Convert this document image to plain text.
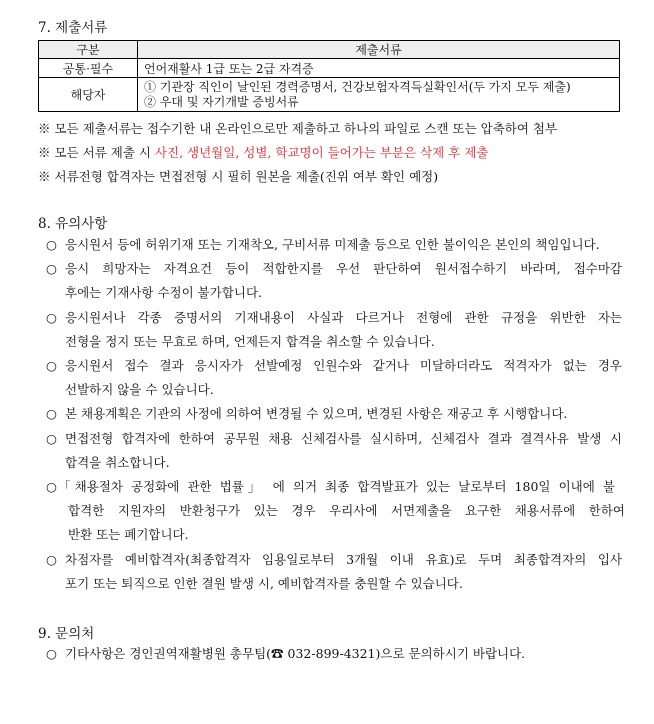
7. 제출서류
구분	제출서류
공통·필수	언어재활사 1급 또는 2급 자격증
해당자	① 기관장 직인이 날인된 경력증명서, 건강보험자격득실확인서(두 가지 모두 제출)
② 우대 및 자기개발 증빙서류
※ 모든 제출서류는 접수기한 내 온라인으로만 제출하고 하나의 파일로 스캔 또는 압축하여 첨부
※ 모든 서류 제출 시 사진, 생년월일, 성별, 학교명이 들어가는 부분은 삭제 후 제출
※ 서류전형 합격자는 면접전형 시 필히 원본을 제출(진위 여부 확인 예정)
8. 유의사항
○ 응시원서 등에 허위기재 또는 기재착오, 구비서류 미제출 등으로 인한 불이익은 본인의 책임입니다.
○ 응시 희망자는 자격요건 등이 적합한지를 우선 판단하여 원서접수하기 바라며, 접수마감
후에는 기재사항 수정이 불가합니다.
○ 응시원서나 각종 증명서의 기재내용이 사실과 다르거나 전형에 관한 규정을 위반한 자는
전형을 정지 또는 무효로 하며, 언제든지 합격을 취소할 수 있습니다.
○ 응시원서 접수 결과 응시자가 선발예정 인원수와 같거나 미달하더라도 적격자가 없는 경우
선발하지 않을 수 있습니다.
○ 본 채용계획은 기관의 사정에 의하여 변경될 수 있으며, 변경된 사항은 재공고 후 시행합니다.
○ 면접전형 합격자에 한하여 공무원 채용 신체검사를 실시하며, 신체검사 결과 결격사유 발생 시
합격을 취소합니다.
○ 「채용절차 공정화에 관한 법률」 에 의거 최종 합격발표가 있는 날로부터 180일 이내에 불
합격한 지원자의 반환청구가 있는 경우 우리사에 서면제출을 요구한 채용서류에 한하여
반환 또는 폐기합니다.
○ 차점자를 예비합격자(최종합격자 임용일로부터 3개월 이내 유효)로 두며 최종합격자의 입사
포기 또는 퇴직으로 인한 결원 발생 시, 예비합격자를 충원할 수 있습니다.
9. 문의처
○ 기타사항은 경인권역재활병원 총무팀(☎ 032-899-4321)으로 문의하시기 바랍니다.
